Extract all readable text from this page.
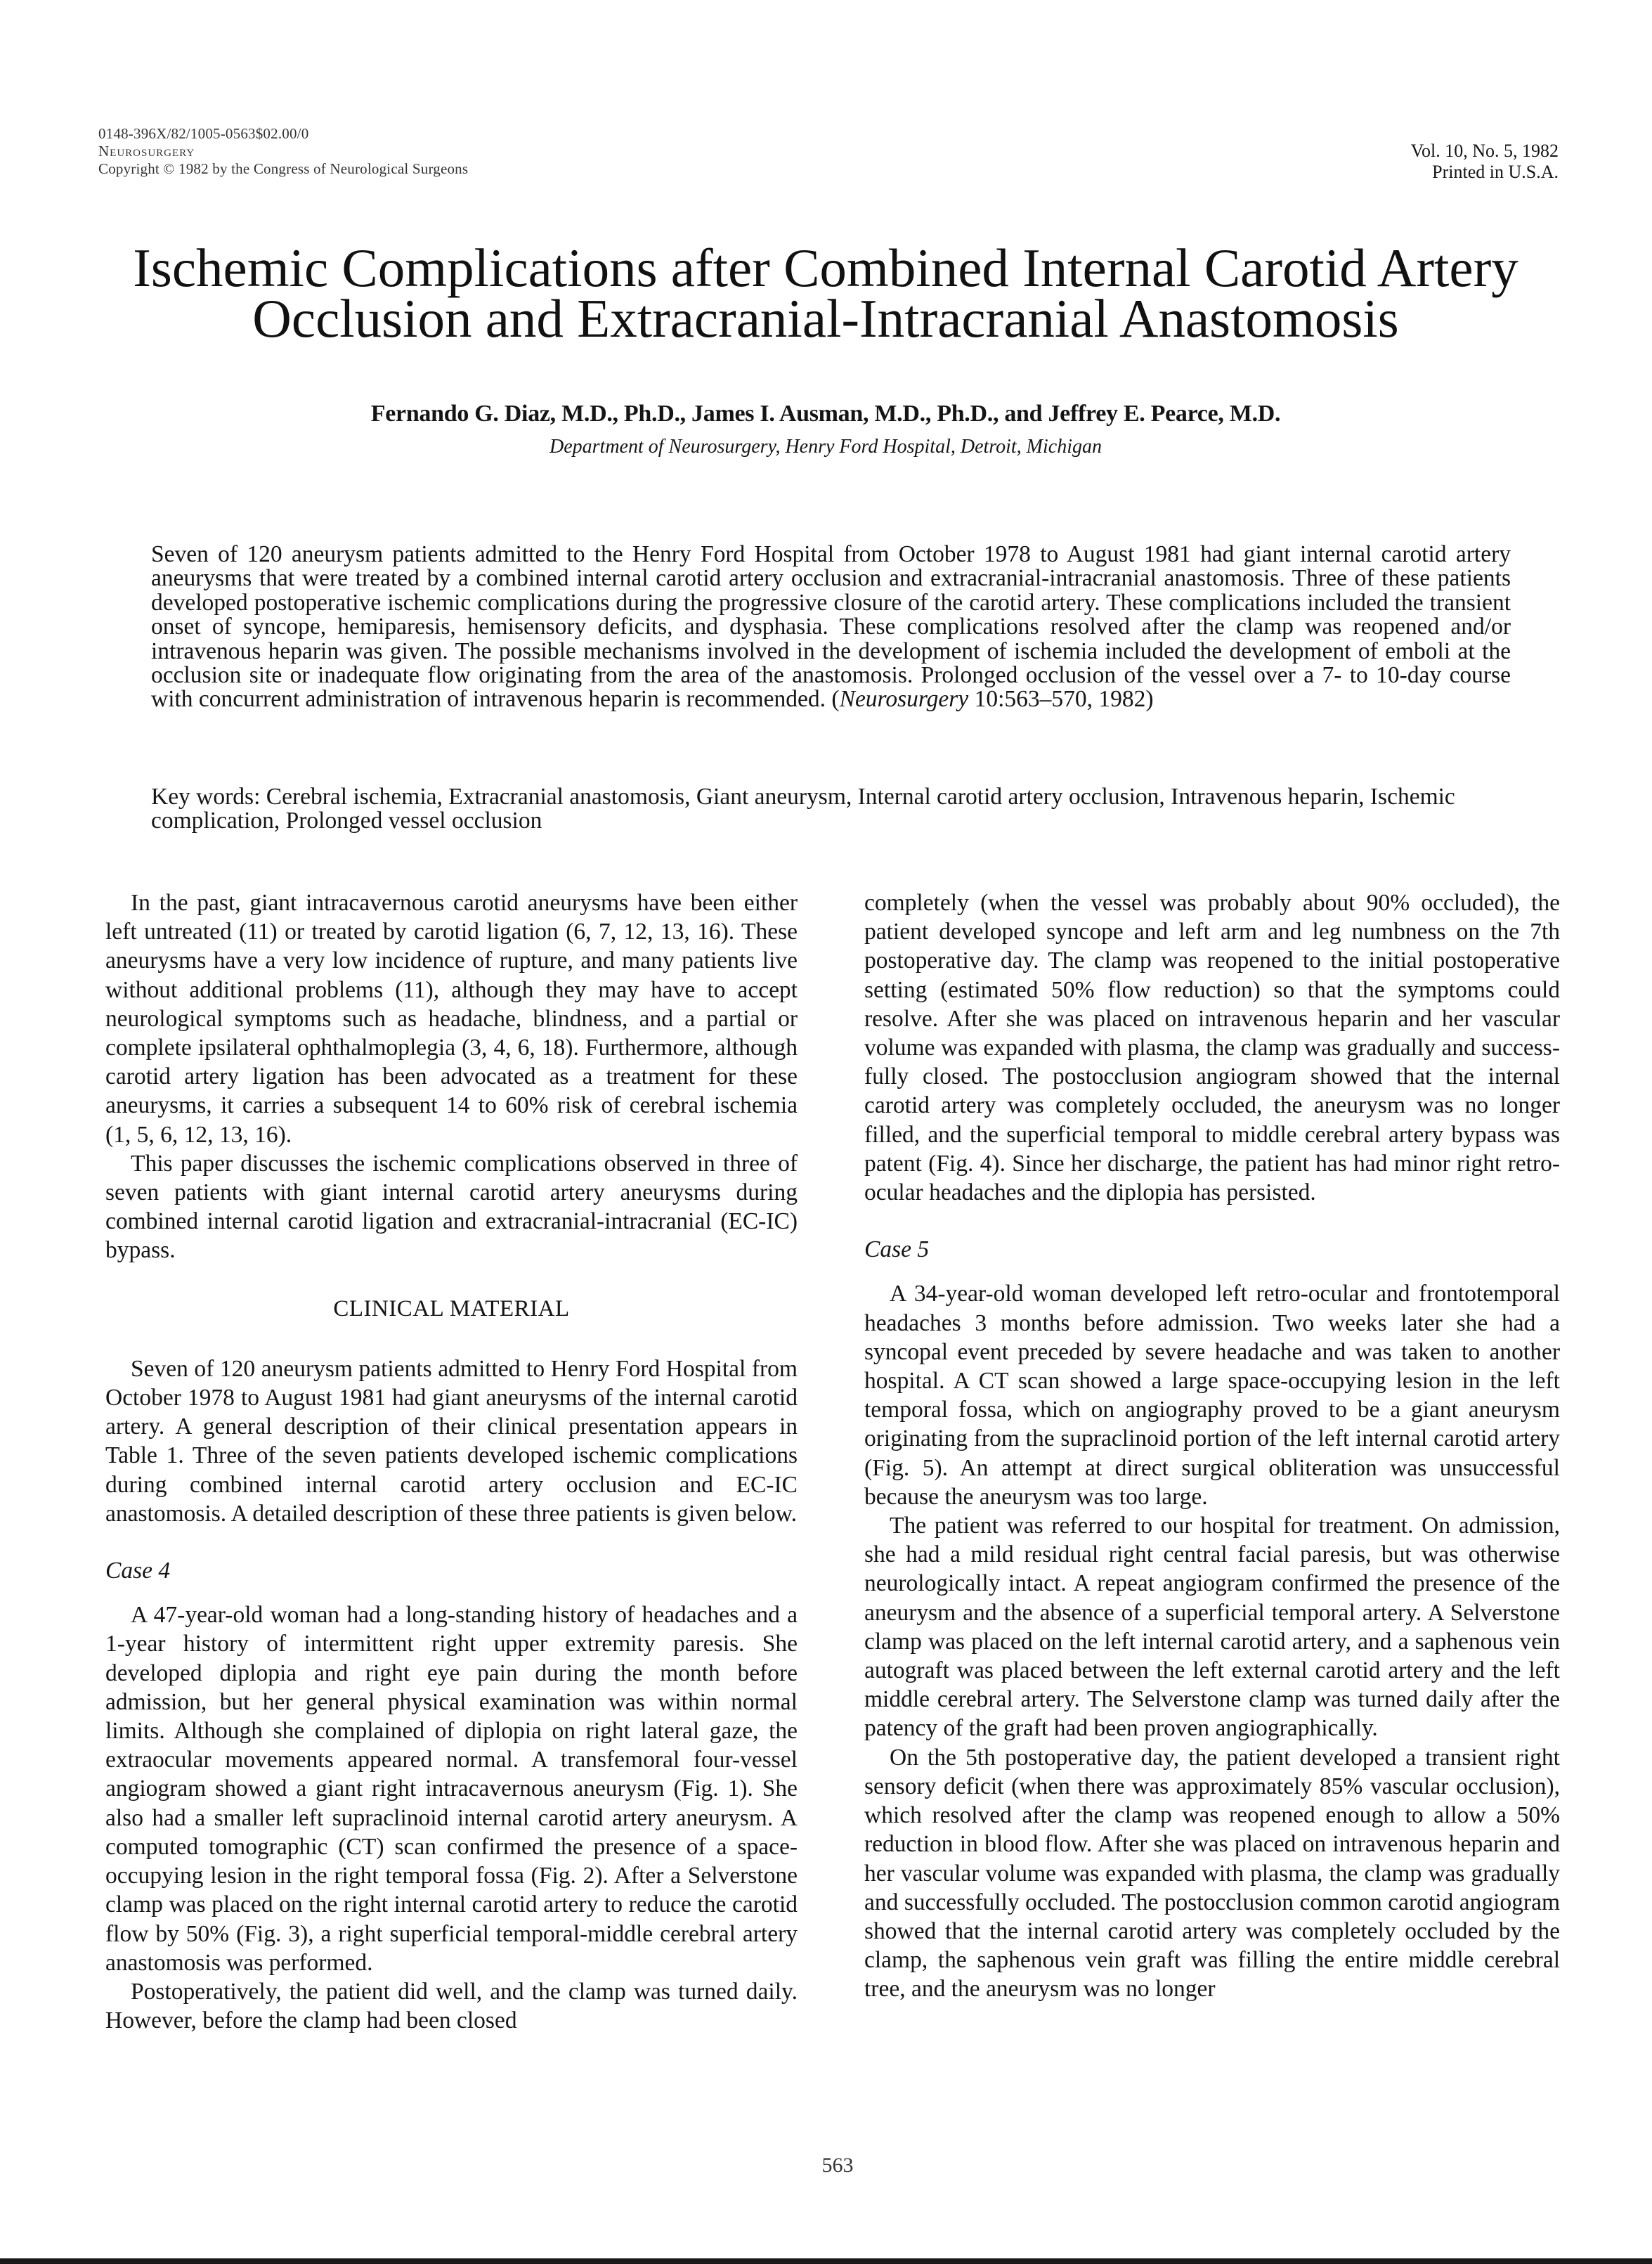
0148-396X/82/1005-0563$02.00/0
Neurosurgery
Copyright © 1982 by the Congress of Neurological Surgeons
Vol. 10, No. 5, 1982
Printed in U.S.A.
Ischemic Complications after Combined Internal Carotid Artery
Occlusion and Extracranial-Intracranial Anastomosis
Fernando G. Diaz, M.D., Ph.D., James I. Ausman, M.D., Ph.D., and Jeffrey E. Pearce, M.D.
Department of Neurosurgery, Henry Ford Hospital, Detroit, Michigan
Seven of 120 aneurysm patients admitted to the Henry Ford Hospital from October 1978 to August 1981 had giant internal carotid artery aneurysms that were treated by a combined internal carotid artery occlusion and extracranial-intracranial anastomosis. Three of these patients developed postoperative ischemic complications during the progressive closure of the carotid artery. These complications included the transient onset of syncope, hemiparesis, hemisensory deficits, and dysphasia. These complications resolved after the clamp was reopened and/or intravenous heparin was given. The possible mechanisms involved in the development of ischemia included the development of emboli at the occlusion site or inadequate flow originating from the area of the anastomosis. Prolonged occlusion of the vessel over a 7- to 10-day course with concurrent administration of intravenous heparin is recommended. (Neurosurgery 10:563–570, 1982)
Key words: Cerebral ischemia, Extracranial anastomosis, Giant aneurysm, Internal carotid artery occlusion, Intravenous heparin, Ischemic complication, Prolonged vessel occlusion

In the past, giant intracavernous carotid aneurysms have been either left untreated (11) or treated by carotid ligation (6, 7, 12, 13, 16). These aneurysms have a very low incidence of rupture, and many patients live without additional problems (11), although they may have to accept neurological symptoms such as headache, blindness, and a partial or complete ipsilateral ophthalmoplegia (3, 4, 6, 18). Furthermore, although carotid artery ligation has been advocated as a treatment for these aneurysms, it carries a subsequent 14 to 60% risk of cerebral ischemia (1, 5, 6, 12, 13, 16).

This paper discusses the ischemic complications observed in three of seven patients with giant internal carotid artery aneurysms during combined internal carotid ligation and extracranial-intracranial (EC-IC) bypass.

CLINICAL MATERIAL

Seven of 120 aneurysm patients admitted to Henry Ford Hospital from October 1978 to August 1981 had giant aneurysms of the internal carotid artery. A general description of their clinical presentation appears in Table 1. Three of the seven patients developed ischemic complications during combined internal carotid artery occlusion and EC-IC anastomosis. A detailed description of these three patients is given below.

Case 4

A 47-year-old woman had a long-standing history of headaches and a 1-year history of intermittent right upper extremity paresis. She developed diplopia and right eye pain during the month before admission, but her general physical examination was within normal limits. Although she complained of diplopia on right lateral gaze, the extraocular movements appeared normal. A transfemoral four-vessel angiogram showed a giant right intracavernous aneurysm (Fig. 1). She also had a smaller left supraclinoid internal carotid artery aneurysm. A computed tomographic (CT) scan confirmed the presence of a space-occupying lesion in the right temporal fossa (Fig. 2). After a Selverstone clamp was placed on the right internal carotid artery to reduce the carotid flow by 50% (Fig. 3), a right superficial temporal-middle cerebral artery anastomosis was performed.

Postoperatively, the patient did well, and the clamp was turned daily. However, before the clamp had been closed

completely (when the vessel was probably about 90% occluded), the patient developed syncope and left arm and leg numbness on the 7th postoperative day. The clamp was reopened to the initial postoperative setting (estimated 50% flow reduction) so that the symptoms could resolve. After she was placed on intravenous heparin and her vascular volume was expanded with plasma, the clamp was gradually and successfully closed. The postocclusion angiogram showed that the internal carotid artery was completely occluded, the aneurysm was no longer filled, and the superficial temporal to middle cerebral artery bypass was patent (Fig. 4). Since her discharge, the patient has had minor right retro-ocular headaches and the diplopia has persisted.

Case 5

A 34-year-old woman developed left retro-ocular and frontotemporal headaches 3 months before admission. Two weeks later she had a syncopal event preceded by severe headache and was taken to another hospital. A CT scan showed a large space-occupying lesion in the left temporal fossa, which on angiography proved to be a giant aneurysm originating from the supraclinoid portion of the left internal carotid artery (Fig. 5). An attempt at direct surgical obliteration was unsuccessful because the aneurysm was too large.

The patient was referred to our hospital for treatment. On admission, she had a mild residual right central facial paresis, but was otherwise neurologically intact. A repeat angiogram confirmed the presence of the aneurysm and the absence of a superficial temporal artery. A Selverstone clamp was placed on the left internal carotid artery, and a saphenous vein autograft was placed between the left external carotid artery and the left middle cerebral artery. The Selverstone clamp was turned daily after the patency of the graft had been proven angiographically.

On the 5th postoperative day, the patient developed a transient right sensory deficit (when there was approximately 85% vascular occlusion), which resolved after the clamp was reopened enough to allow a 50% reduction in blood flow. After she was placed on intravenous heparin and her vascular volume was expanded with plasma, the clamp was gradually and successfully occluded. The postocclusion common carotid angiogram showed that the internal carotid artery was completely occluded by the clamp, the saphenous vein graft was filling the entire middle cerebral tree, and the aneurysm was no longer

563
